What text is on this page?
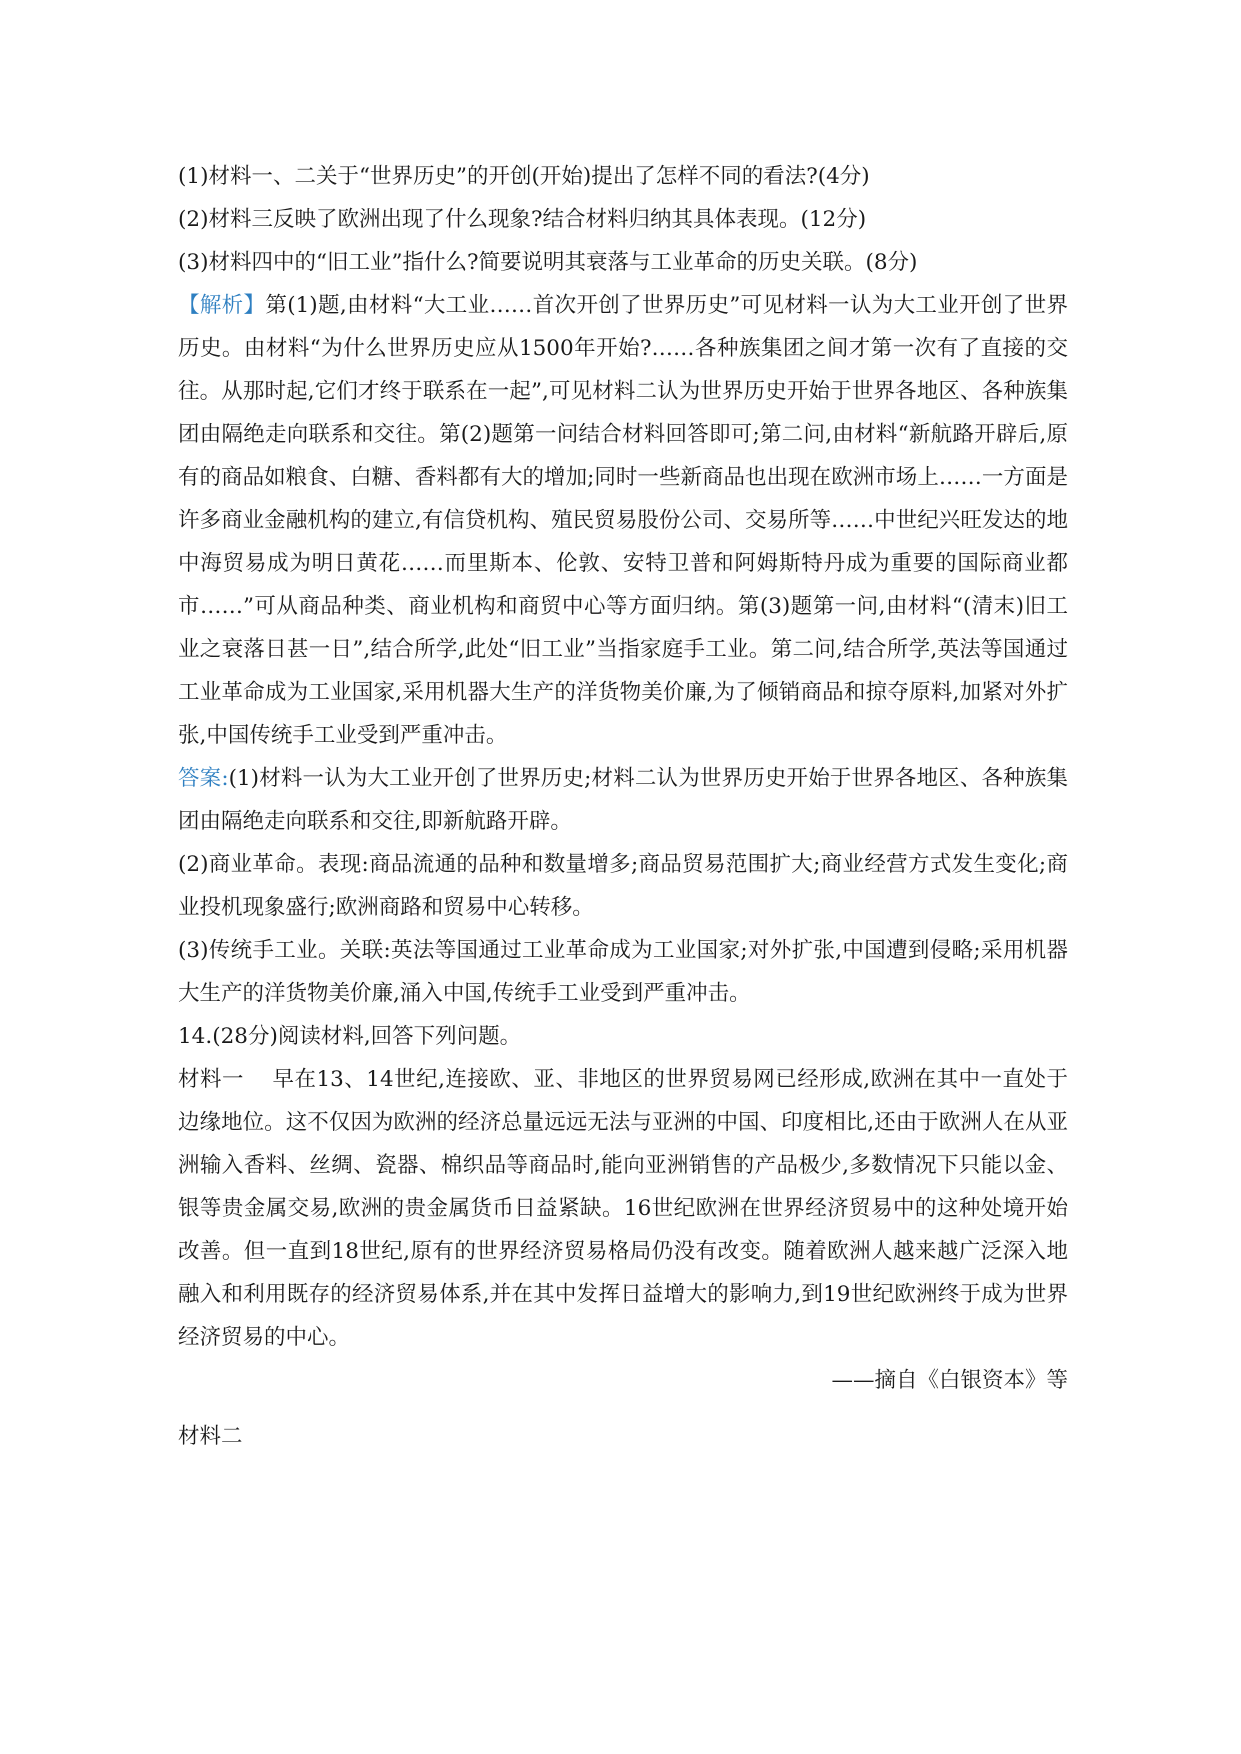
(1)材料一、二关于“世界历史”的开创(开始)提出了怎样不同的看法?(4分)

(2)材料三反映了欧洲出现了什么现象?结合材料归纳其具体表现。(12分)

(3)材料四中的“旧工业”指什么?简要说明其衰落与工业革命的历史关联。(8分)

【解析】第(1)题,由材料“大工业……首次开创了世界历史”可见材料一认为大工业开创了世界历史。由材料“为什么世界历史应从1500年开始?……各种族集团之间才第一次有了直接的交往。从那时起,它们才终于联系在一起”,可见材料二认为世界历史开始于世界各地区、各种族集团由隔绝走向联系和交往。第(2)题第一问结合材料回答即可;第二问,由材料“新航路开辟后,原有的商品如粮食、白糖、香料都有大的增加;同时一些新商品也出现在欧洲市场上……一方面是许多商业金融机构的建立,有信贷机构、殖民贸易股份公司、交易所等……中世纪兴旺发达的地中海贸易成为明日黄花……而里斯本、伦敦、安特卫普和阿姆斯特丹成为重要的国际商业都市……”可从商品种类、商业机构和商贸中心等方面归纳。第(3)题第一问,由材料“(清末)旧工业之衰落日甚一日”,结合所学,此处“旧工业”当指家庭手工业。第二问,结合所学,英法等国通过工业革命成为工业国家,采用机器大生产的洋货物美价廉,为了倾销商品和掠夺原料,加紧对外扩张,中国传统手工业受到严重冲击。

答案:(1)材料一认为大工业开创了世界历史;材料二认为世界历史开始于世界各地区、各种族集团由隔绝走向联系和交往,即新航路开辟。

(2)商业革命。表现:商品流通的品种和数量增多;商品贸易范围扩大;商业经营方式发生变化;商业投机现象盛行;欧洲商路和贸易中心转移。

(3)传统手工业。关联:英法等国通过工业革命成为工业国家;对外扩张,中国遭到侵略;采用机器大生产的洋货物美价廉,涌入中国,传统手工业受到严重冲击。

14.(28分)阅读材料,回答下列问题。

材料一 早在13、14世纪,连接欧、亚、非地区的世界贸易网已经形成,欧洲在其中一直处于边缘地位。这不仅因为欧洲的经济总量远远无法与亚洲的中国、印度相比,还由于欧洲人在从亚洲输入香料、丝绸、瓷器、棉织品等商品时,能向亚洲销售的产品极少,多数情况下只能以金、银等贵金属交易,欧洲的贵金属货币日益紧缺。16世纪欧洲在世界经济贸易中的这种处境开始改善。但一直到18世纪,原有的世界经济贸易格局仍没有改变。随着欧洲人越来越广泛深入地融入和利用既存的经济贸易体系,并在其中发挥日益增大的影响力,到19世纪欧洲终于成为世界经济贸易的中心。

——摘自《白银资本》等

材料二
